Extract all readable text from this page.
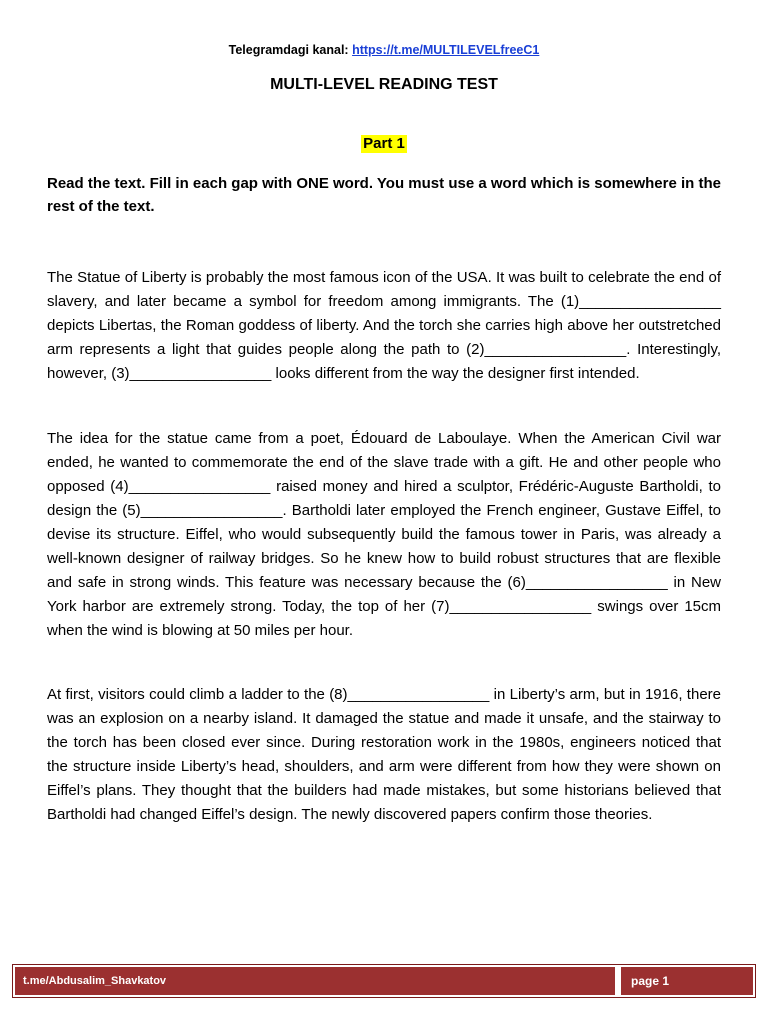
Telegramdagi kanal: https://t.me/MULTILEVELfreeC1
MULTI-LEVEL READING TEST
Part 1
Read the text. Fill in each gap with ONE word. You must use a word which is somewhere in the rest of the text.

The Statue of Liberty is probably the most famous icon of the USA. It was built to celebrate the end of slavery, and later became a symbol for freedom among immigrants. The (1)_________________ depicts Libertas, the Roman goddess of liberty. And the torch she carries high above her outstretched arm represents a light that guides people along the path to (2)_________________. Interestingly, however, (3)_________________ looks different from the way the designer first intended.

The idea for the statue came from a poet, Édouard de Laboulaye. When the American Civil war ended, he wanted to commemorate the end of the slave trade with a gift. He and other people who opposed (4)_________________ raised money and hired a sculptor, Frédéric-Auguste Bartholdi, to design the (5)_________________. Bartholdi later employed the French engineer, Gustave Eiffel, to devise its structure. Eiffel, who would subsequently build the famous tower in Paris, was already a well-known designer of railway bridges. So he knew how to build robust structures that are flexible and safe in strong winds. This feature was necessary because the (6)_________________ in New York harbor are extremely strong. Today, the top of her (7)_________________ swings over 15cm when the wind is blowing at 50 miles per hour.

At first, visitors could climb a ladder to the (8)_________________ in Liberty’s arm, but in 1916, there was an explosion on a nearby island. It damaged the statue and made it unsafe, and the stairway to the torch has been closed ever since. During restoration work in the 1980s, engineers noticed that the structure inside Liberty’s head, shoulders, and arm were different from how they were shown on Eiffel’s plans. They thought that the builders had made mistakes, but some historians believed that Bartholdi had changed Eiffel’s design. The newly discovered papers confirm those theories.

t.me/Abdusalim_Shavkatov	page 1
